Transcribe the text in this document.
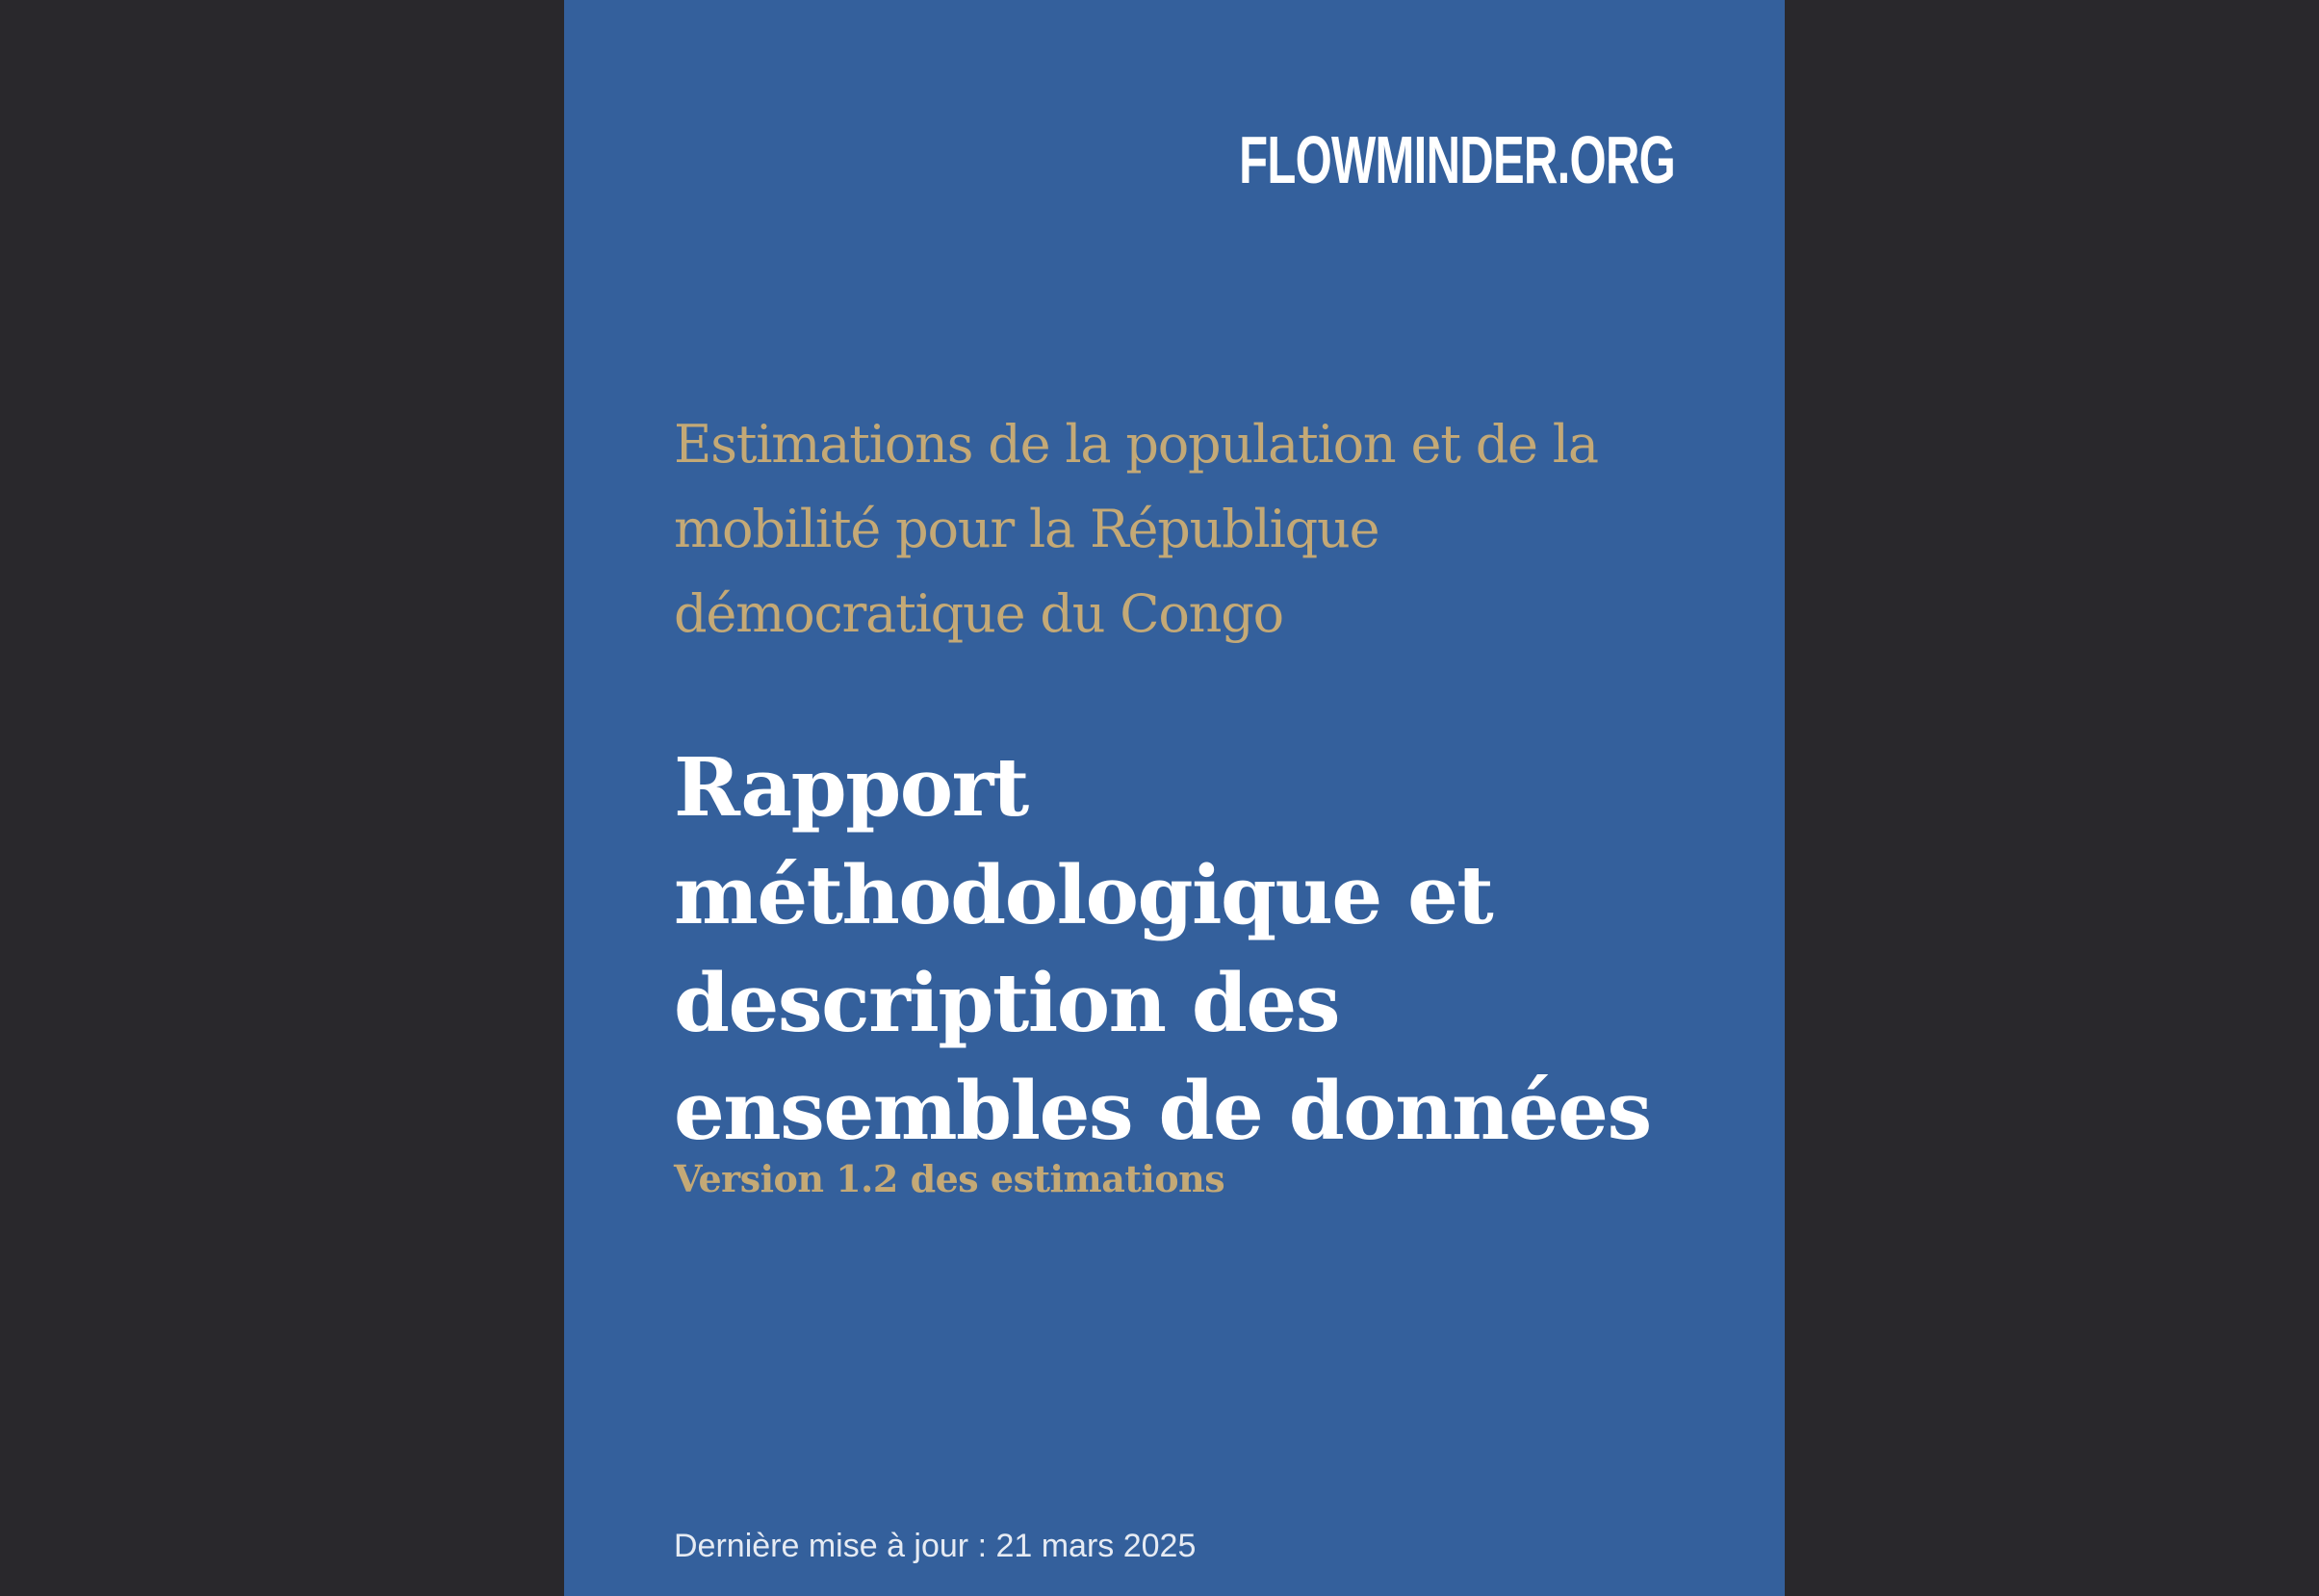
FLOWMINDER.ORG

Estimations de la population et de la mobilité pour la République démocratique du Congo
Rapport méthodologique et description des ensembles de données

Version 1.2 des estimations

Dernière mise à jour : 21 mars 2025
